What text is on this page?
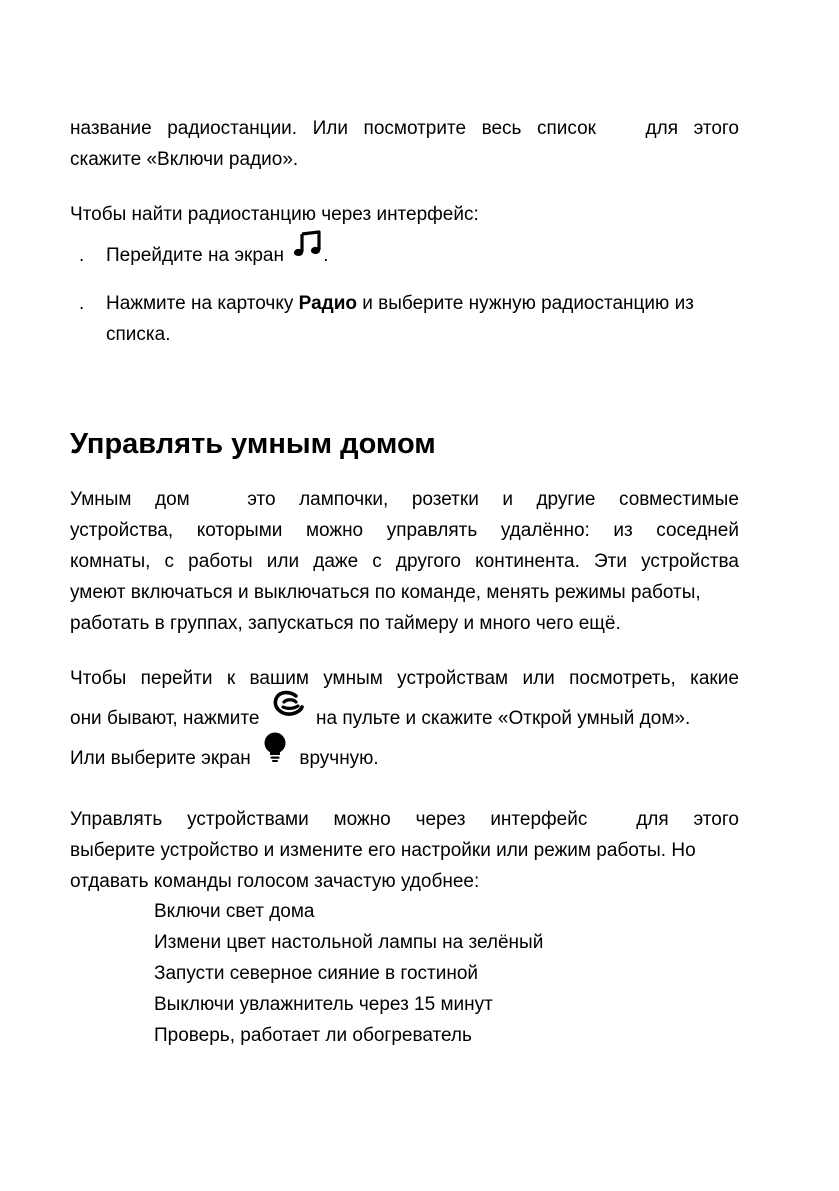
название радиостанции. Или посмотрите весь список	для этого
скажите «Включи радио».
Чтобы найти радиостанцию через интерфейс:
. Перейдите на экран .
. Нажмите на карточку Радио и выберите нужную радиостанцию из
списка.
Управлять умным домом
Умным дом	это лампочки, розетки и другие совместимые
устройства, которыми можно управлять удалённо: из соседней
комнаты, с работы или даже с другого континента. Эти устройства
умеют включаться и выключаться по команде, менять режимы работы,
работать в группах, запускаться по таймеру и много чего ещё.
Чтобы перейти к вашим умным устройствам или посмотреть, какие
они бывают, нажмите	на пульте и скажите «Открой умный дом».
Или выберите экран	вручную.
Управлять устройствами можно через интерфейс	для этого
выберите устройство и измените его настройки или режим работы. Но
отдавать команды голосом зачастую удобнее:
Включи свет дома
Измени цвет настольной лампы на зелёный
Запусти северное сияние в гостиной
Выключи увлажнитель через 15 минут
Проверь, работает ли обогреватель
